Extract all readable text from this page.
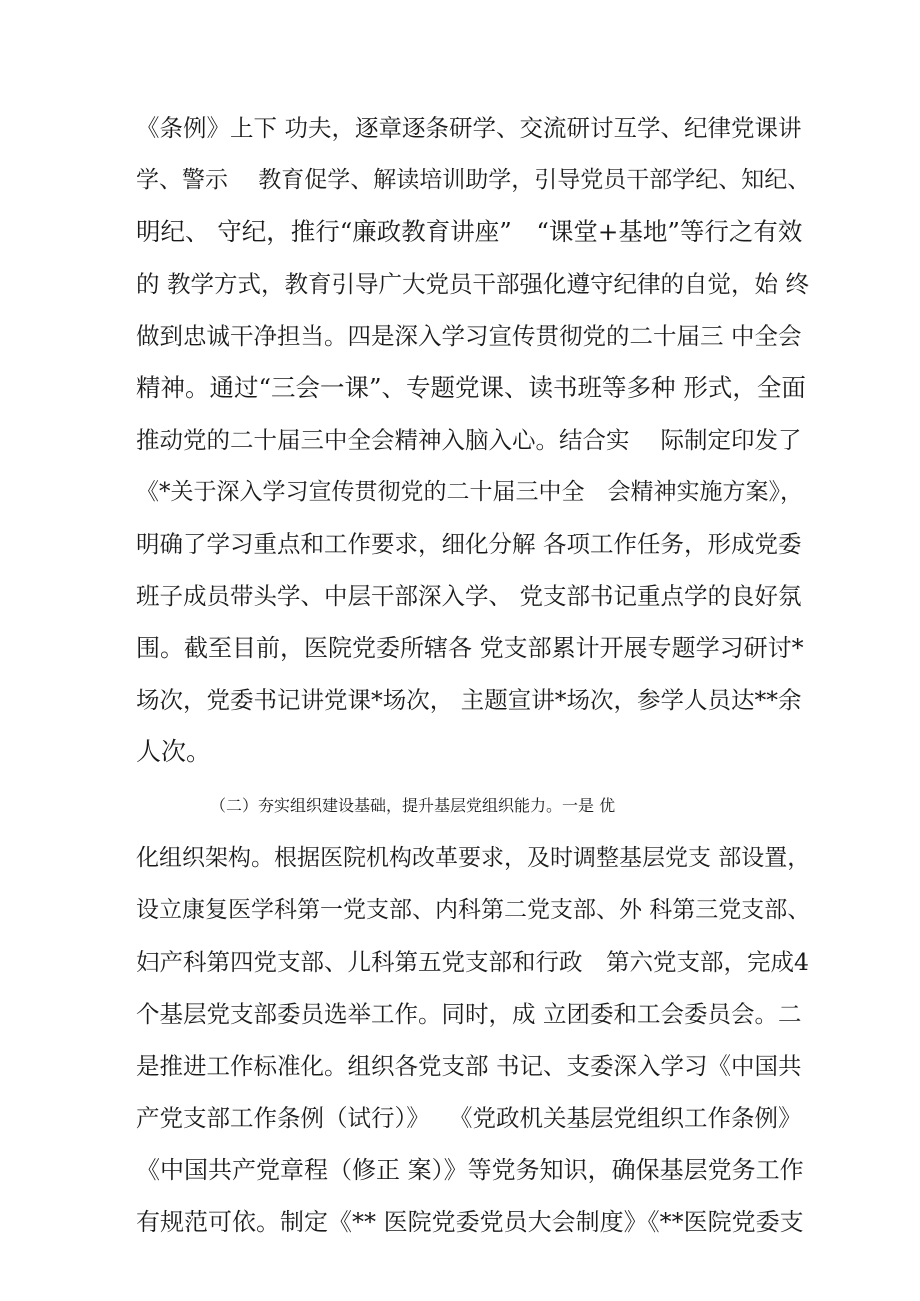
《条例》上下 功夫，逐章逐条研学、交流研讨互学、纪律党课讲
学、警示　 教育促学、解读培训助学，引导党员干部学纪、知纪、
明纪、 守纪，推行“廉政教育讲座”　“课堂+基地”等行之有效
的 教学方式，教育引导广大党员干部强化遵守纪律的自觉，始 终
做到忠诚干净担当。四是深入学习宣传贯彻党的二十届三 中全会
精神。通过“三会一课”、专题党课、读书班等多种 形式，全面
推动党的二十届三中全会精神入脑入心。结合实　 际制定印发了
《*关于深入学习宣传贯彻党的二十届三中全　会精神实施方案》，
明确了学习重点和工作要求，细化分解 各项工作任务，形成党委
班子成员带头学、中层干部深入学、 党支部书记重点学的良好氛
围。截至目前，医院党委所辖各 党支部累计开展专题学习研讨*
场次，党委书记讲党课*场次， 主题宣讲*场次，参学人员达**余
人次。
（二）夯实组织建设基础，提升基层党组织能力。一是 优
化组织架构。根据医院机构改革要求，及时调整基层党支 部设置，
设立康复医学科第一党支部、内科第二党支部、外 科第三党支部、
妇产科第四党支部、儿科第五党支部和行政　第六党支部，完成4
个基层党支部委员选举工作。同时，成 立团委和工会委员会。二
是推进工作标准化。组织各党支部 书记、支委深入学习《中国共
产党支部工作条例（试行）》　 《党政机关基层党组织工作条例》
《中国共产党章程（修正 案）》等党务知识，确保基层党务工作
有规范可依。制定《** 医院党委党员大会制度》《**医院党委支
